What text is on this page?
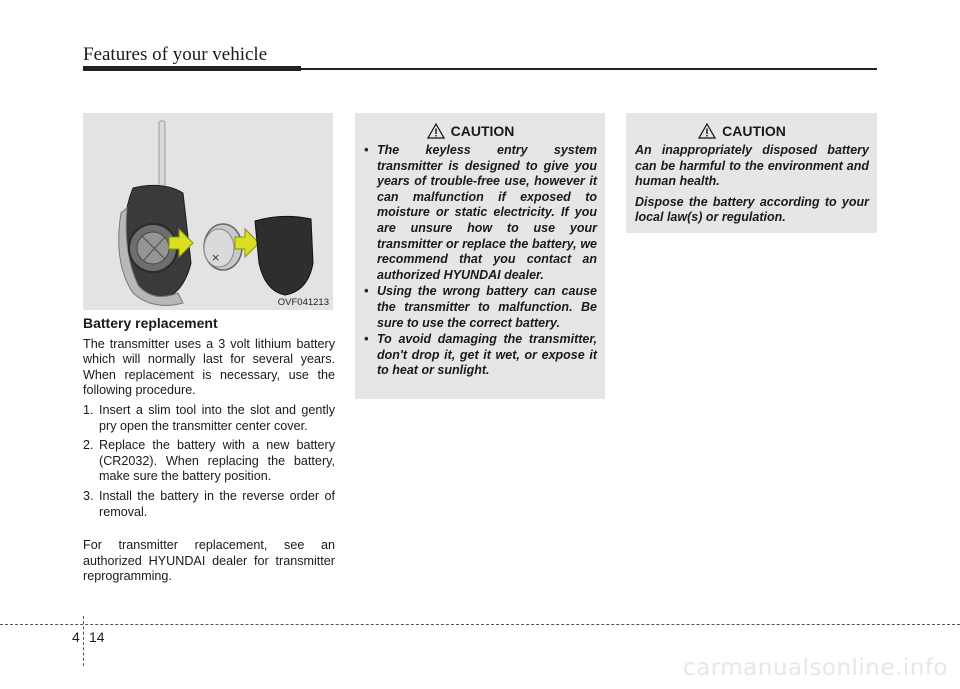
Features of your vehicle
×
OVF041213
Battery replacement

The transmitter uses a 3 volt lithium battery which will normally last for several years. When replacement is necessary, use the following procedure.

1. Insert a slim tool into the slot and gently pry open the transmitter center cover.
2. Replace the battery with a new battery (CR2032). When replacing the battery, make sure the battery position.
3. Install the battery in the reverse order of removal.

For transmitter replacement, see an authorized HYUNDAI dealer for transmitter reprogramming.

CAUTION
• The keyless entry system transmitter is designed to give you years of trouble-free use, however it can malfunction if exposed to moisture or static electricity. If you are unsure how to use your transmitter or replace the battery, we recommend that you contact an authorized HYUNDAI dealer.
• Using the wrong battery can cause the transmitter to malfunction. Be sure to use the correct battery.
• To avoid damaging the transmitter, don't drop it, get it wet, or expose it to heat or sunlight.
CAUTION

An inappropriately disposed battery can be harmful to the environment and human health.

Dispose the battery according to your local law(s) or regulation.

4 14
carmanualsonline.info
